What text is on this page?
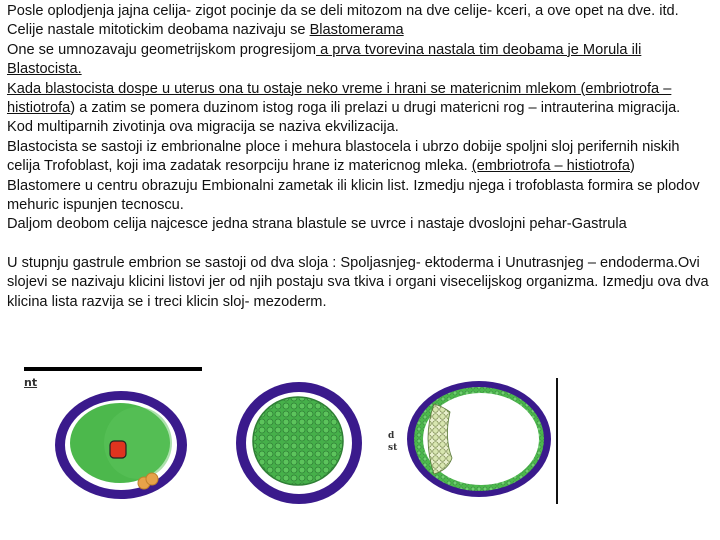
Posle oplodjenja jajna celija- zigot pocinje da se deli mitozom na dve celije- kceri, a ove opet na dve. itd.

Celije nastale mitotickim deobama nazivaju se Blastomerama

One se umnozavaju geometrijskom progresijom a prva tvorevina nastala tim deobama je Morula ili Blastocista.

Kada blastocista dospe u uterus ona tu ostaje neko vreme i hrani se matericnim mlekom (embriotrofa –histiotrofa) a zatim se pomera duzinom istog roga ili prelazi u drugi matericni rog – intrauterina migracija.

Kod multiparnih zivotinja ova migracija se naziva ekvilizacija.

Blastocista se sastoji iz embrionalne ploce i mehura blastocela i ubrzo dobije spoljni sloj perifernih niskih celija Trofoblast, koji ima zadatak resorpciju hrane iz matericnog mleka. (embriotrofa – histiotrofa)

Blastomere u centru obrazuju Embionalni zametak ili klicin list. Izmedju njega i trofoblasta formira se plodov mehuric ispunjen tecnoscu.

Daljom deobom celija najcesce jedna strana blastule se uvrce i nastaje dvoslojni pehar-Gastrula

U stupnju gastrule embrion se sastoji od dva sloja : Spoljasnjeg- ektoderma i Unutrasnjeg – endoderma.Ovi slojevi se nazivaju klicini listovi jer od njih postaju sva tkiva i organi visecelijskog organizma. Izmedju ova dva klicina lista razvija se i treci klicin sloj- mezoderm.

nt
d
st
